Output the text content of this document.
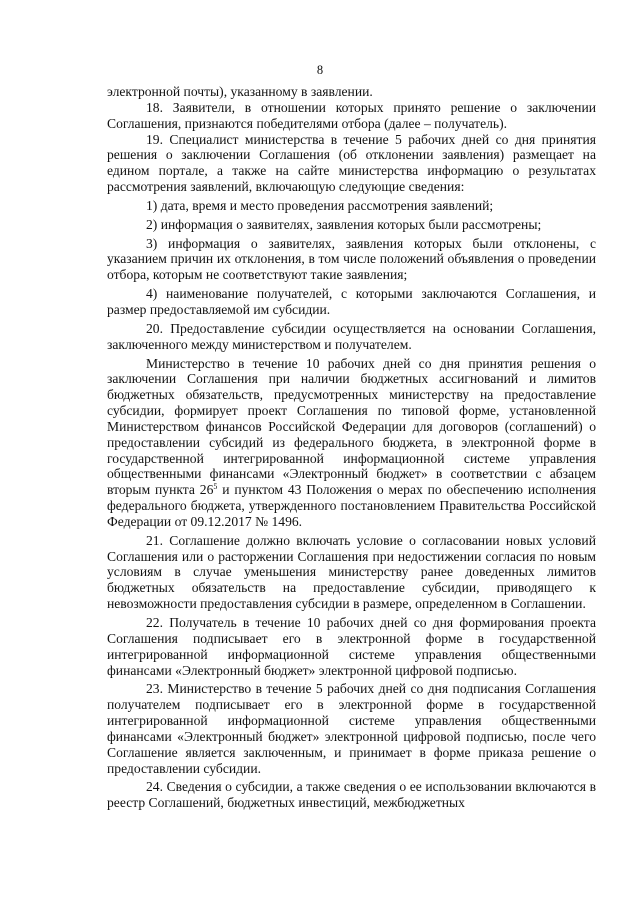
8

электронной почты), указанному в заявлении.

18. Заявители, в отношении которых принято решение о заключении Соглашения, признаются победителями отбора (далее – получатель).

19. Специалист министерства в течение 5 рабочих дней со дня принятия решения о заключении Соглашения (об отклонении заявления) размещает на едином портале, а также на сайте министерства информацию о результатах рассмотрения заявлений, включающую следующие сведения:

1) дата, время и место проведения рассмотрения заявлений;

2) информация о заявителях, заявления которых были рассмотрены;

3) информация о заявителях, заявления которых были отклонены, с указанием причин их отклонения, в том числе положений объявления о проведении отбора, которым не соответствуют такие заявления;

4) наименование получателей, с которыми заключаются Соглашения, и размер предоставляемой им субсидии.

20. Предоставление субсидии осуществляется на основании Соглашения, заключенного между министерством и получателем.

Министерство в течение 10 рабочих дней со дня принятия решения о заключении Соглашения при наличии бюджетных ассигнований и лимитов бюджетных обязательств, предусмотренных министерству на предоставление субсидии, формирует проект Соглашения по типовой форме, установленной Министерством финансов Российской Федерации для договоров (соглашений) о предоставлении субсидий из федерального бюджета, в электронной форме в государственной интегрированной информационной системе управления общественными финансами «Электронный бюджет» в соответствии с абзацем вторым пункта $26^5$ и пунктом 43 Положения о мерах по обеспечению исполнения федерального бюджета, утвержденного постановлением Правительства Российской Федерации от 09.12.2017 № 1496.

21. Соглашение должно включать условие о согласовании новых условий Соглашения или о расторжении Соглашения при недостижении согласия по новым условиям в случае уменьшения министерству ранее доведенных лимитов бюджетных обязательств на предоставление субсидии, приводящего к невозможности предоставления субсидии в размере, определенном в Соглашении.

22. Получатель в течение 10 рабочих дней со дня формирования проекта Соглашения подписывает его в электронной форме в государственной интегрированной информационной системе управления общественными финансами «Электронный бюджет» электронной цифровой подписью.

23. Министерство в течение 5 рабочих дней со дня подписания Соглашения получателем подписывает его в электронной форме в государственной интегрированной информационной системе управления общественными финансами «Электронный бюджет» электронной цифровой подписью, после чего Соглашение является заключенным, и принимает в форме приказа решение о предоставлении субсидии.

24. Сведения о субсидии, а также сведения о ее использовании включаются в реестр Соглашений, бюджетных инвестиций, межбюджетных
